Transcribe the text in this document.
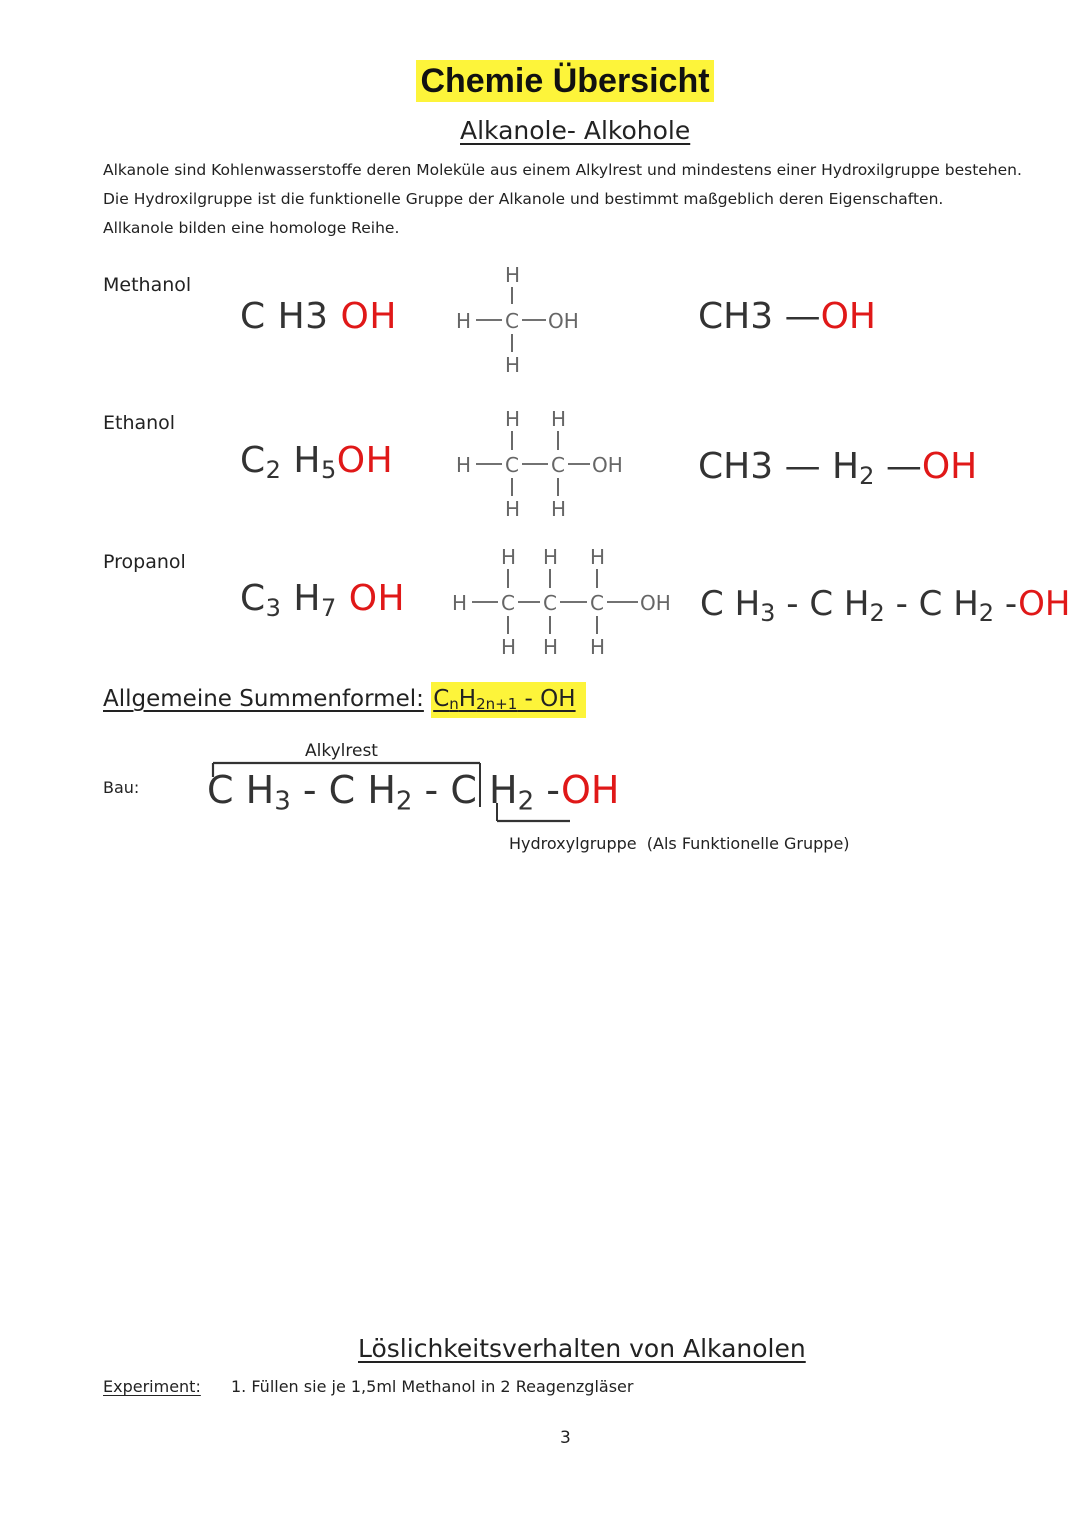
Chemie Übersicht
Alkanole- Alkohole

Alkanole sind Kohlenwasserstoffe deren Moleküle aus einem Alkylrest und mindestens einer Hydroxilgruppe bestehen.

Die Hydroxilgruppe ist die funktionelle Gruppe der Alkanole und bestimmt maßgeblich deren Eigenschaften.

Allkanole bilden eine homologe Reihe.

Methanol
C H3 OH
H
H C OH
H
CH3 —OH
Ethanol
$C_2$ $H_5OH$
H H
H C C OH
H H
CH3 — $H_2$ —OH
Propanol
$C_3$ $H_7$ OH
H H H
H C C C OH
H H H
C $H_3$ - C $H_2$ - C $H_2$ -OH
Allgemeine Summenformel: $C_nH_{2n+1}$ - OH
Alkylrest
Bau: C $H_3$ - C $H_2$ - C $H_2$ -OH
Hydroxylgruppe (Als Funktionelle Gruppe)
Löslichkeitsverhalten von Alkanolen
Experiment: 1. Füllen sie je 1,5ml Methanol in 2 Reagenzgläser
3
